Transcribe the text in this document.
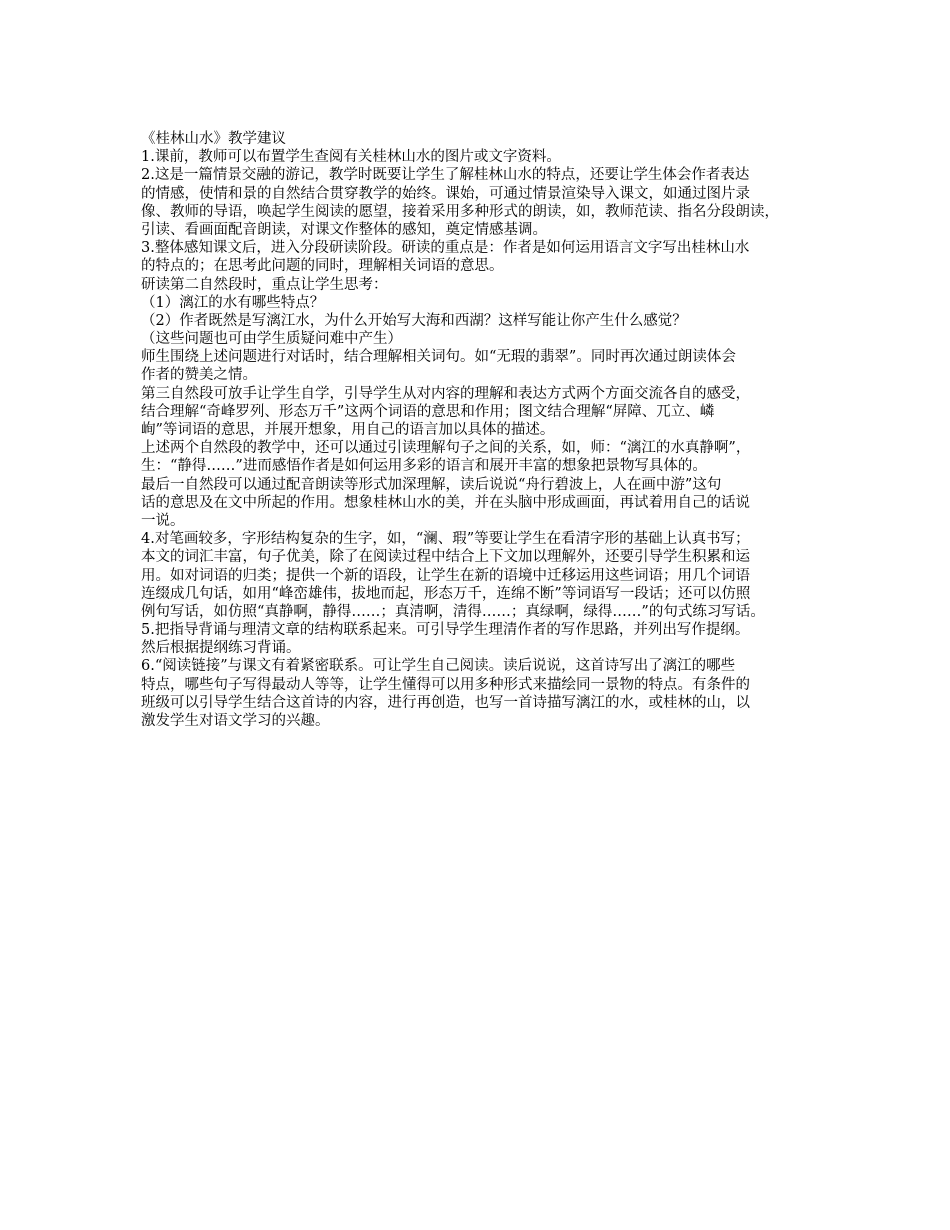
《桂林山水》教学建议
1.课前，教师可以布置学生查阅有关桂林山水的图片或文字资料。
2.这是一篇情景交融的游记，教学时既要让学生了解桂林山水的特点，还要让学生体会作者表达
的情感，使情和景的自然结合贯穿教学的始终。课始，可通过情景渲染导入课文，如通过图片录
像、教师的导语，唤起学生阅读的愿望，接着采用多种形式的朗读，如，教师范读、指名分段朗读，
引读、看画面配音朗读，对课文作整体的感知，奠定情感基调。
3.整体感知课文后，进入分段研读阶段。研读的重点是：作者是如何运用语言文字写出桂林山水
的特点的；在思考此问题的同时，理解相关词语的意思。
研读第二自然段时，重点让学生思考：
（1）漓江的水有哪些特点？
（2）作者既然是写漓江水，为什么开始写大海和西湖？这样写能让你产生什么感觉？
（这些问题也可由学生质疑问难中产生）
师生围绕上述问题进行对话时，结合理解相关词句。如“无瑕的翡翠”。同时再次通过朗读体会
作者的赞美之情。
第三自然段可放手让学生自学，引导学生从对内容的理解和表达方式两个方面交流各自的感受，
结合理解“奇峰罗列、形态万千”这两个词语的意思和作用；图文结合理解“屏障、兀立、嶙
峋”等词语的意思，并展开想象，用自己的语言加以具体的描述。
上述两个自然段的教学中，还可以通过引读理解句子之间的关系，如，师：“漓江的水真静啊”，
生：“静得……”进而感悟作者是如何运用多彩的语言和展开丰富的想象把景物写具体的。
最后一自然段可以通过配音朗读等形式加深理解，读后说说“舟行碧波上，人在画中游”这句
话的意思及在文中所起的作用。想象桂林山水的美，并在头脑中形成画面，再试着用自己的话说
一说。
4.对笔画较多，字形结构复杂的生字，如，“澜、瑕”等要让学生在看清字形的基础上认真书写；
本文的词汇丰富，句子优美，除了在阅读过程中结合上下文加以理解外，还要引导学生积累和运
用。如对词语的归类；提供一个新的语段，让学生在新的语境中迁移运用这些词语；用几个词语
连缀成几句话，如用“峰峦雄伟，拔地而起，形态万千，连绵不断”等词语写一段话；还可以仿照
例句写话，如仿照“真静啊，静得……；真清啊，清得……；真绿啊，绿得……”的句式练习写话。
5.把指导背诵与理清文章的结构联系起来。可引导学生理清作者的写作思路，并列出写作提纲。
然后根据提纲练习背诵。
6.“阅读链接”与课文有着紧密联系。可让学生自己阅读。读后说说，这首诗写出了漓江的哪些
特点，哪些句子写得最动人等等，让学生懂得可以用多种形式来描绘同一景物的特点。有条件的
班级可以引导学生结合这首诗的内容，进行再创造，也写一首诗描写漓江的水，或桂林的山，以
激发学生对语文学习的兴趣。
